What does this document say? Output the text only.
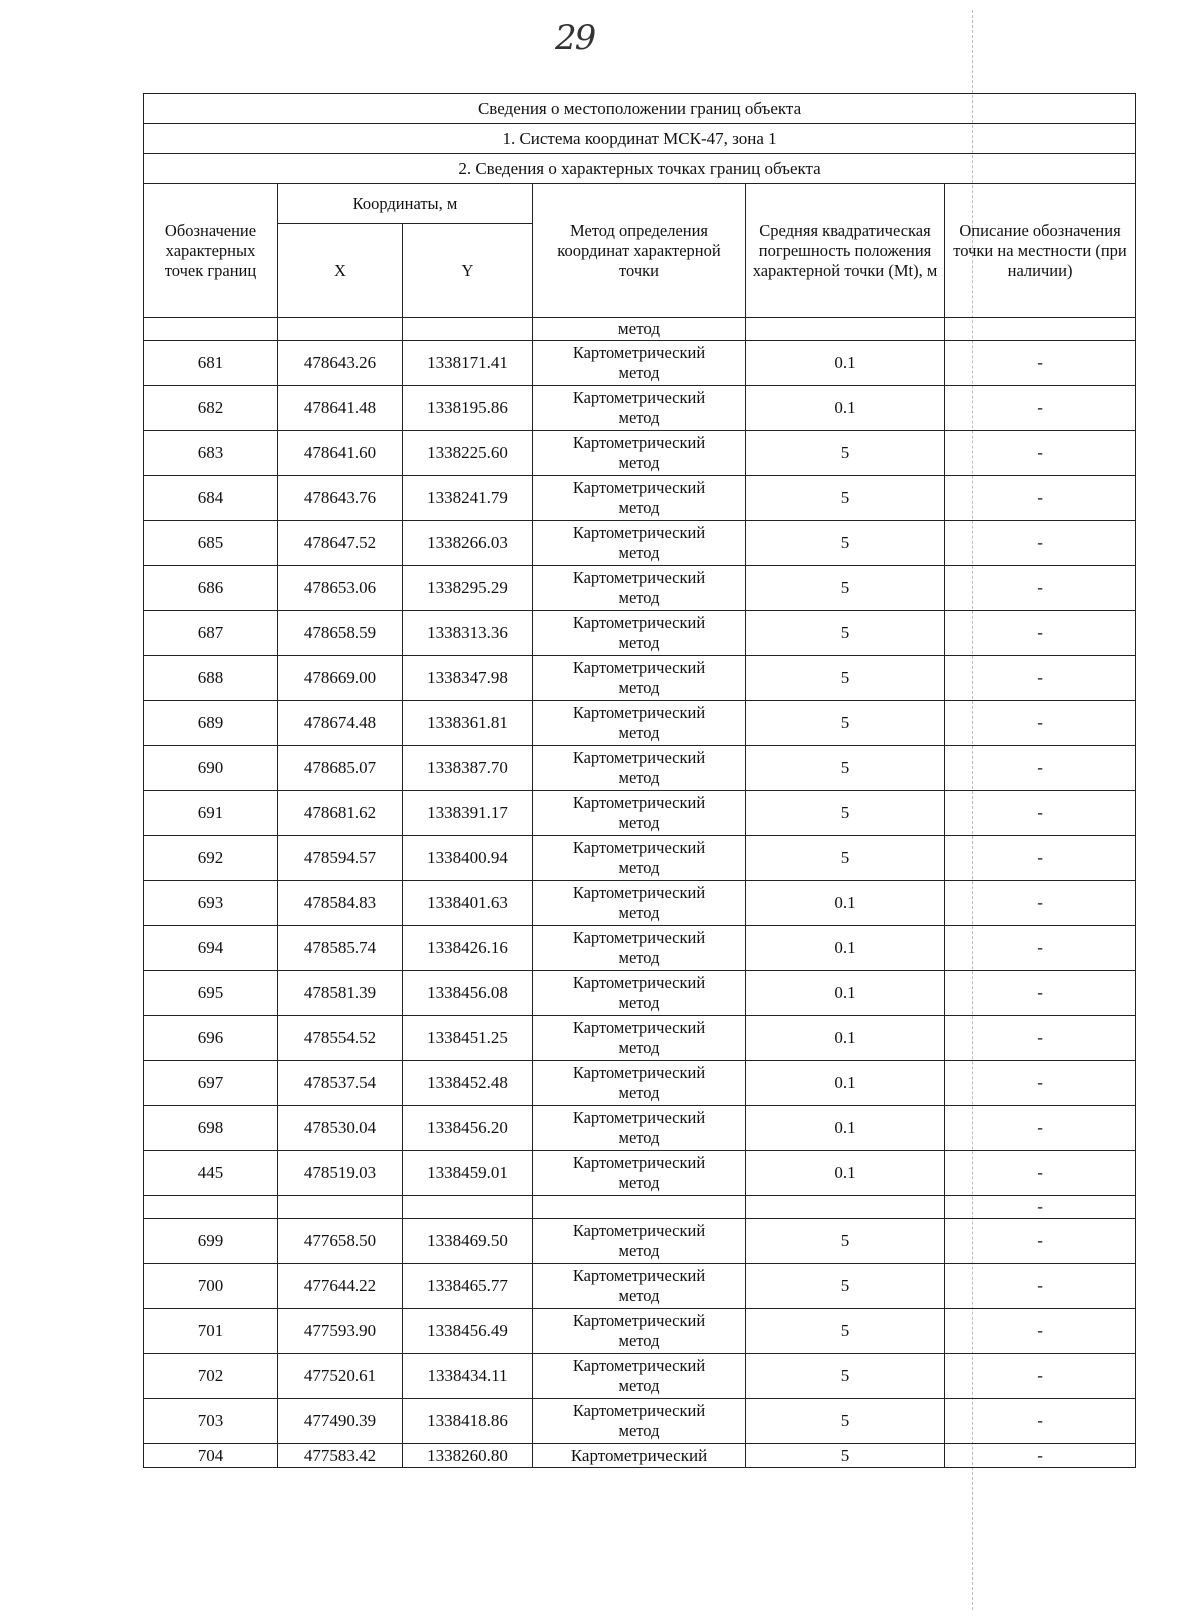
29
Сведения о местоположении границ объекта					
1. Система координат МСК-47, зона 1					
2. Сведения о характерных точках границ объекта					
Обозначение характерных точек границ	Координаты, м		Метод определения координат характерной точки	Средняя квадратическая погрешность положения характерной точки (Mt), м	Описание обозначения точки на местности (при наличии)
	X	Y			
			метод		
681	478643.26	1338171.41	Картометрический
метод	0.1	-
682	478641.48	1338195.86	Картометрический
метод	0.1	-
683	478641.60	1338225.60	Картометрический
метод	5	-
684	478643.76	1338241.79	Картометрический
метод	5	-
685	478647.52	1338266.03	Картометрический
метод	5	-
686	478653.06	1338295.29	Картометрический
метод	5	-
687	478658.59	1338313.36	Картометрический
метод	5	-
688	478669.00	1338347.98	Картометрический
метод	5	-
689	478674.48	1338361.81	Картометрический
метод	5	-
690	478685.07	1338387.70	Картометрический
метод	5	-
691	478681.62	1338391.17	Картометрический
метод	5	-
692	478594.57	1338400.94	Картометрический
метод	5	-
693	478584.83	1338401.63	Картометрический
метод	0.1	-
694	478585.74	1338426.16	Картометрический
метод	0.1	-
695	478581.39	1338456.08	Картометрический
метод	0.1	-
696	478554.52	1338451.25	Картометрический
метод	0.1	-
697	478537.54	1338452.48	Картометрический
метод	0.1	-
698	478530.04	1338456.20	Картометрический
метод	0.1	-
445	478519.03	1338459.01	Картометрический
метод	0.1	-
					-
699	477658.50	1338469.50	Картометрический
метод	5	-
700	477644.22	1338465.77	Картометрический
метод	5	-
701	477593.90	1338456.49	Картометрический
метод	5	-
702	477520.61	1338434.11	Картометрический
метод	5	-
703	477490.39	1338418.86	Картометрический
метод	5	-
704	477583.42	1338260.80	Картометрический	5	-
